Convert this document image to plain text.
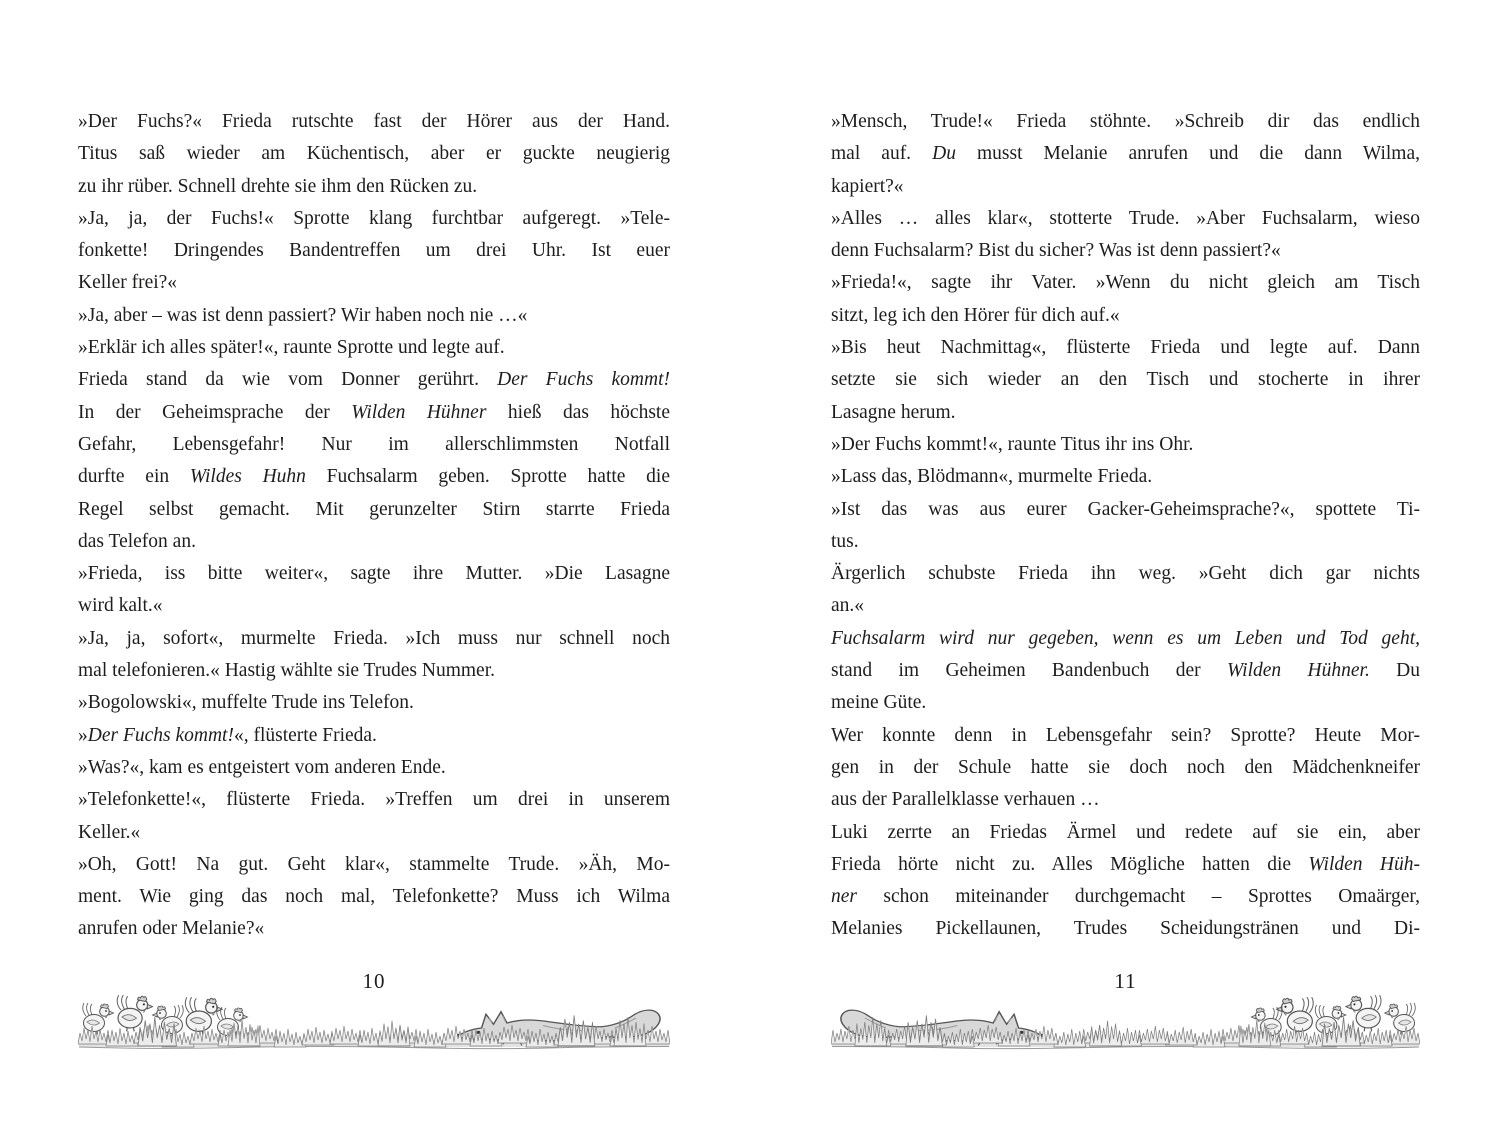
»Der Fuchs?« Frieda rutschte fast der Hörer aus der Hand.
Titus saß wieder am Küchentisch, aber er guckte neugierig
zu ihr rüber. Schnell drehte sie ihm den Rücken zu.
»Ja, ja, der Fuchs!« Sprotte klang furchtbar aufgeregt. »Tele-
fonkette! Dringendes Bandentreffen um drei Uhr. Ist euer
Keller frei?«
»Ja, aber – was ist denn passiert? Wir haben noch nie …«
»Erklär ich alles später!«, raunte Sprotte und legte auf.
Frieda stand da wie vom Donner gerührt. Der Fuchs kommt!
In der Geheimsprache der Wilden Hühner hieß das höchste
Gefahr, Lebensgefahr! Nur im allerschlimmsten Notfall
durfte ein Wildes Huhn Fuchsalarm geben. Sprotte hatte die
Regel selbst gemacht. Mit gerunzelter Stirn starrte Frieda
das Telefon an.
»Frieda, iss bitte weiter«, sagte ihre Mutter. »Die Lasagne
wird kalt.«
»Ja, ja, sofort«, murmelte Frieda. »Ich muss nur schnell noch
mal telefonieren.« Hastig wählte sie Trudes Nummer.
»Bogolowski«, muffelte Trude ins Telefon.
»Der Fuchs kommt!«, flüsterte Frieda.
»Was?«, kam es entgeistert vom anderen Ende.
»Telefonkette!«, flüsterte Frieda. »Treffen um drei in unserem
Keller.«
»Oh, Gott! Na gut. Geht klar«, stammelte Trude. »Äh, Mo-
ment. Wie ging das noch mal, Telefonkette? Muss ich Wilma
anrufen oder Melanie?«
10
»Mensch, Trude!« Frieda stöhnte. »Schreib dir das endlich
mal auf. Du musst Melanie anrufen und die dann Wilma,
kapiert?«
»Alles … alles klar«, stotterte Trude. »Aber Fuchsalarm, wieso
denn Fuchsalarm? Bist du sicher? Was ist denn passiert?«
»Frieda!«, sagte ihr Vater. »Wenn du nicht gleich am Tisch
sitzt, leg ich den Hörer für dich auf.«
»Bis heut Nachmittag«, flüsterte Frieda und legte auf. Dann
setzte sie sich wieder an den Tisch und stocherte in ihrer
Lasagne herum.
»Der Fuchs kommt!«, raunte Titus ihr ins Ohr.
»Lass das, Blödmann«, murmelte Frieda.
»Ist das was aus eurer Gacker-Geheimsprache?«, spottete Ti-
tus.
Ärgerlich schubste Frieda ihn weg. »Geht dich gar nichts
an.«
Fuchsalarm wird nur gegeben, wenn es um Leben und Tod geht,
stand im Geheimen Bandenbuch der Wilden Hühner. Du
meine Güte.
Wer konnte denn in Lebensgefahr sein? Sprotte? Heute Mor-
gen in der Schule hatte sie doch noch den Mädchenkneifer
aus der Parallelklasse verhauen …
Luki zerrte an Friedas Ärmel und redete auf sie ein, aber
Frieda hörte nicht zu. Alles Mögliche hatten die Wilden Hüh-
ner schon miteinander durchgemacht – Sprottes Omaärger,
Melanies Pickellaunen, Trudes Scheidungstränen und Di-
11
